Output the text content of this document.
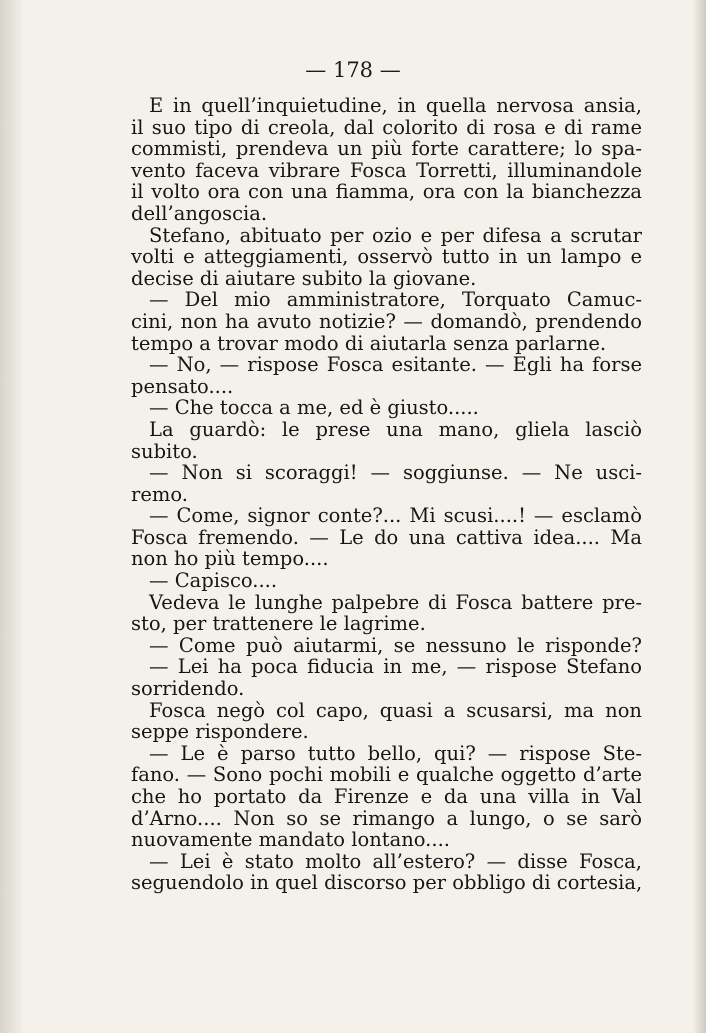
— 178 —
E in quell’inquietudine, in quella nervosa ansia,
il suo tipo di creola, dal colorito di rosa e di rame
commisti, prendeva un più forte carattere; lo spa-
vento faceva vibrare Fosca Torretti, illuminandole
il volto ora con una fiamma, ora con la bianchezza
dell’angoscia.
Stefano, abituato per ozio e per difesa a scrutar
volti e atteggiamenti, osservò tutto in un lampo e
decise di aiutare subito la giovane.
— Del mio amministratore, Torquato Camuc-
cini, non ha avuto notizie? — domandò, prendendo
tempo a trovar modo di aiutarla senza parlarne.
— No, — rispose Fosca esitante. — Egli ha forse
pensato....
— Che tocca a me, ed è giusto.....
La guardò: le prese una mano, gliela lasciò
subito.
— Non si scoraggi! — soggiunse. — Ne usci-
remo.
— Come, signor conte?... Mi scusi....! — esclamò
Fosca fremendo. — Le do una cattiva idea.... Ma
non ho più tempo....
— Capisco....
Vedeva le lunghe palpebre di Fosca battere pre-
sto, per trattenere le lagrime.
— Come può aiutarmi, se nessuno le risponde?
— Lei ha poca fiducia in me, — rispose Stefano
sorridendo.
Fosca negò col capo, quasi a scusarsi, ma non
seppe rispondere.
— Le è parso tutto bello, qui? — rispose Ste-
fano. — Sono pochi mobili e qualche oggetto d’arte
che ho portato da Firenze e da una villa in Val
d’Arno.... Non so se rimango a lungo, o se sarò
nuovamente mandato lontano....
— Lei è stato molto all’estero? — disse Fosca,
seguendolo in quel discorso per obbligo di cortesia,
